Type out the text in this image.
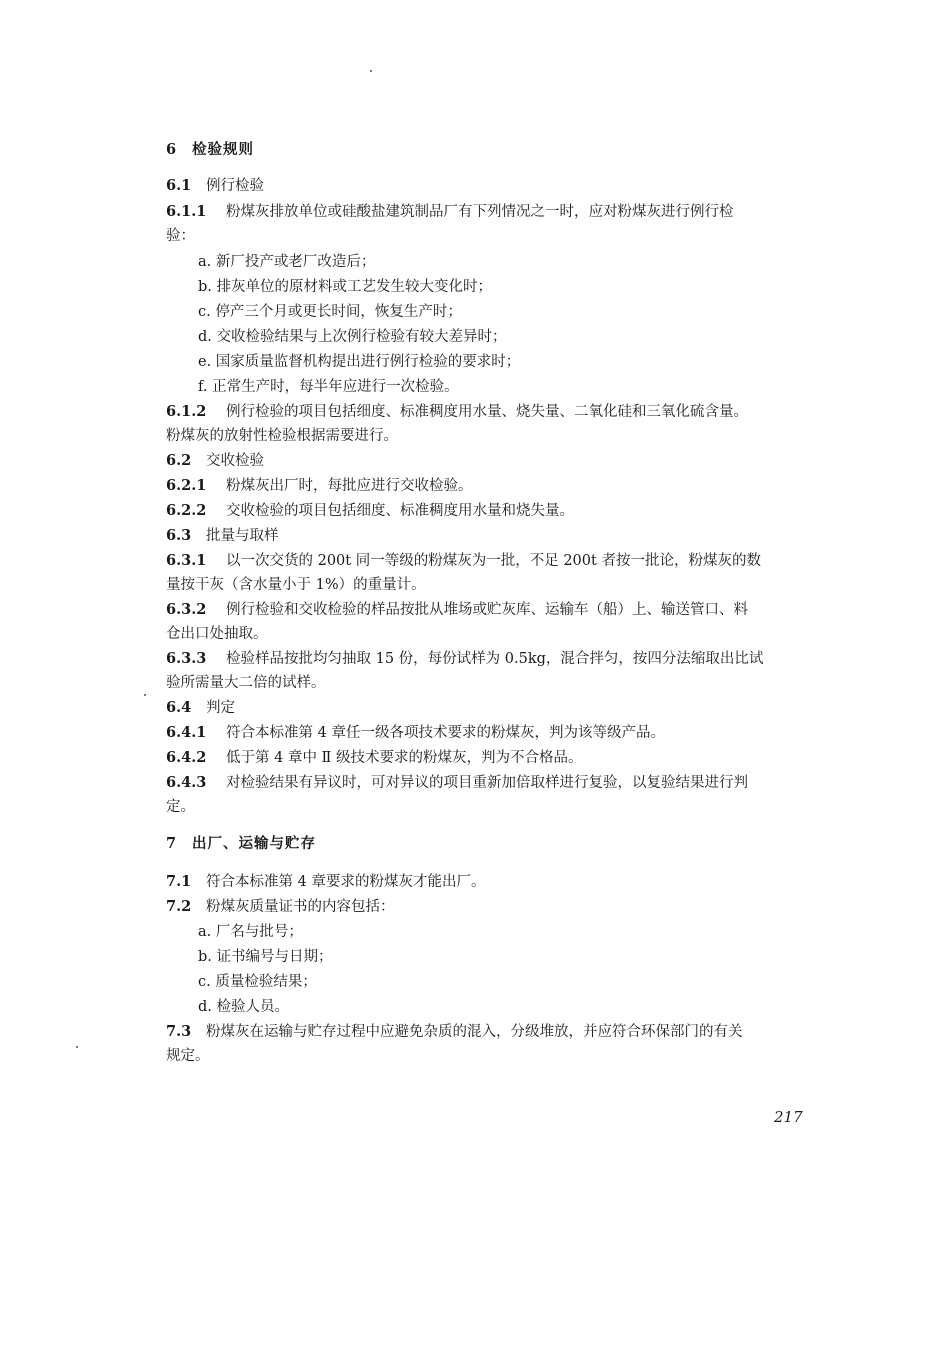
6 检验规则
6.1 例行检验
6.1.1 粉煤灰排放单位或硅酸盐建筑制品厂有下列情况之一时，应对粉煤灰进行例行检
验：
a. 新厂投产或老厂改造后；
b. 排灰单位的原材料或工艺发生较大变化时；
c. 停产三个月或更长时间，恢复生产时；
d. 交收检验结果与上次例行检验有较大差异时；
e. 国家质量监督机构提出进行例行检验的要求时；
f. 正常生产时，每半年应进行一次检验。
6.1.2 例行检验的项目包括细度、标准稠度用水量、烧失量、二氧化硅和三氧化硫含量。
粉煤灰的放射性检验根据需要进行。
6.2 交收检验
6.2.1 粉煤灰出厂时，每批应进行交收检验。
6.2.2 交收检验的项目包括细度、标准稠度用水量和烧失量。
6.3 批量与取样
6.3.1 以一次交货的 200t 同一等级的粉煤灰为一批，不足 200t 者按一批论，粉煤灰的数
量按干灰（含水量小于 1%）的重量计。
6.3.2 例行检验和交收检验的样品按批从堆场或贮灰库、运输车（船）上、输送管口、料
仓出口处抽取。
6.3.3 检验样品按批均匀抽取 15 份，每份试样为 0.5kg，混合拌匀，按四分法缩取出比试
验所需量大二倍的试样。
6.4 判定
6.4.1 符合本标准第 4 章任一级各项技术要求的粉煤灰，判为该等级产品。
6.4.2 低于第 4 章中 Ⅱ 级技术要求的粉煤灰，判为不合格品。
6.4.3 对检验结果有异议时，可对异议的项目重新加倍取样进行复验，以复验结果进行判
定。
7 出厂、运输与贮存
7.1 符合本标准第 4 章要求的粉煤灰才能出厂。
7.2 粉煤灰质量证书的内容包括：
a. 厂名与批号；
b. 证书编号与日期；
c. 质量检验结果；
d. 检验人员。
7.3 粉煤灰在运输与贮存过程中应避免杂质的混入，分级堆放，并应符合环保部门的有关
规定。
217
